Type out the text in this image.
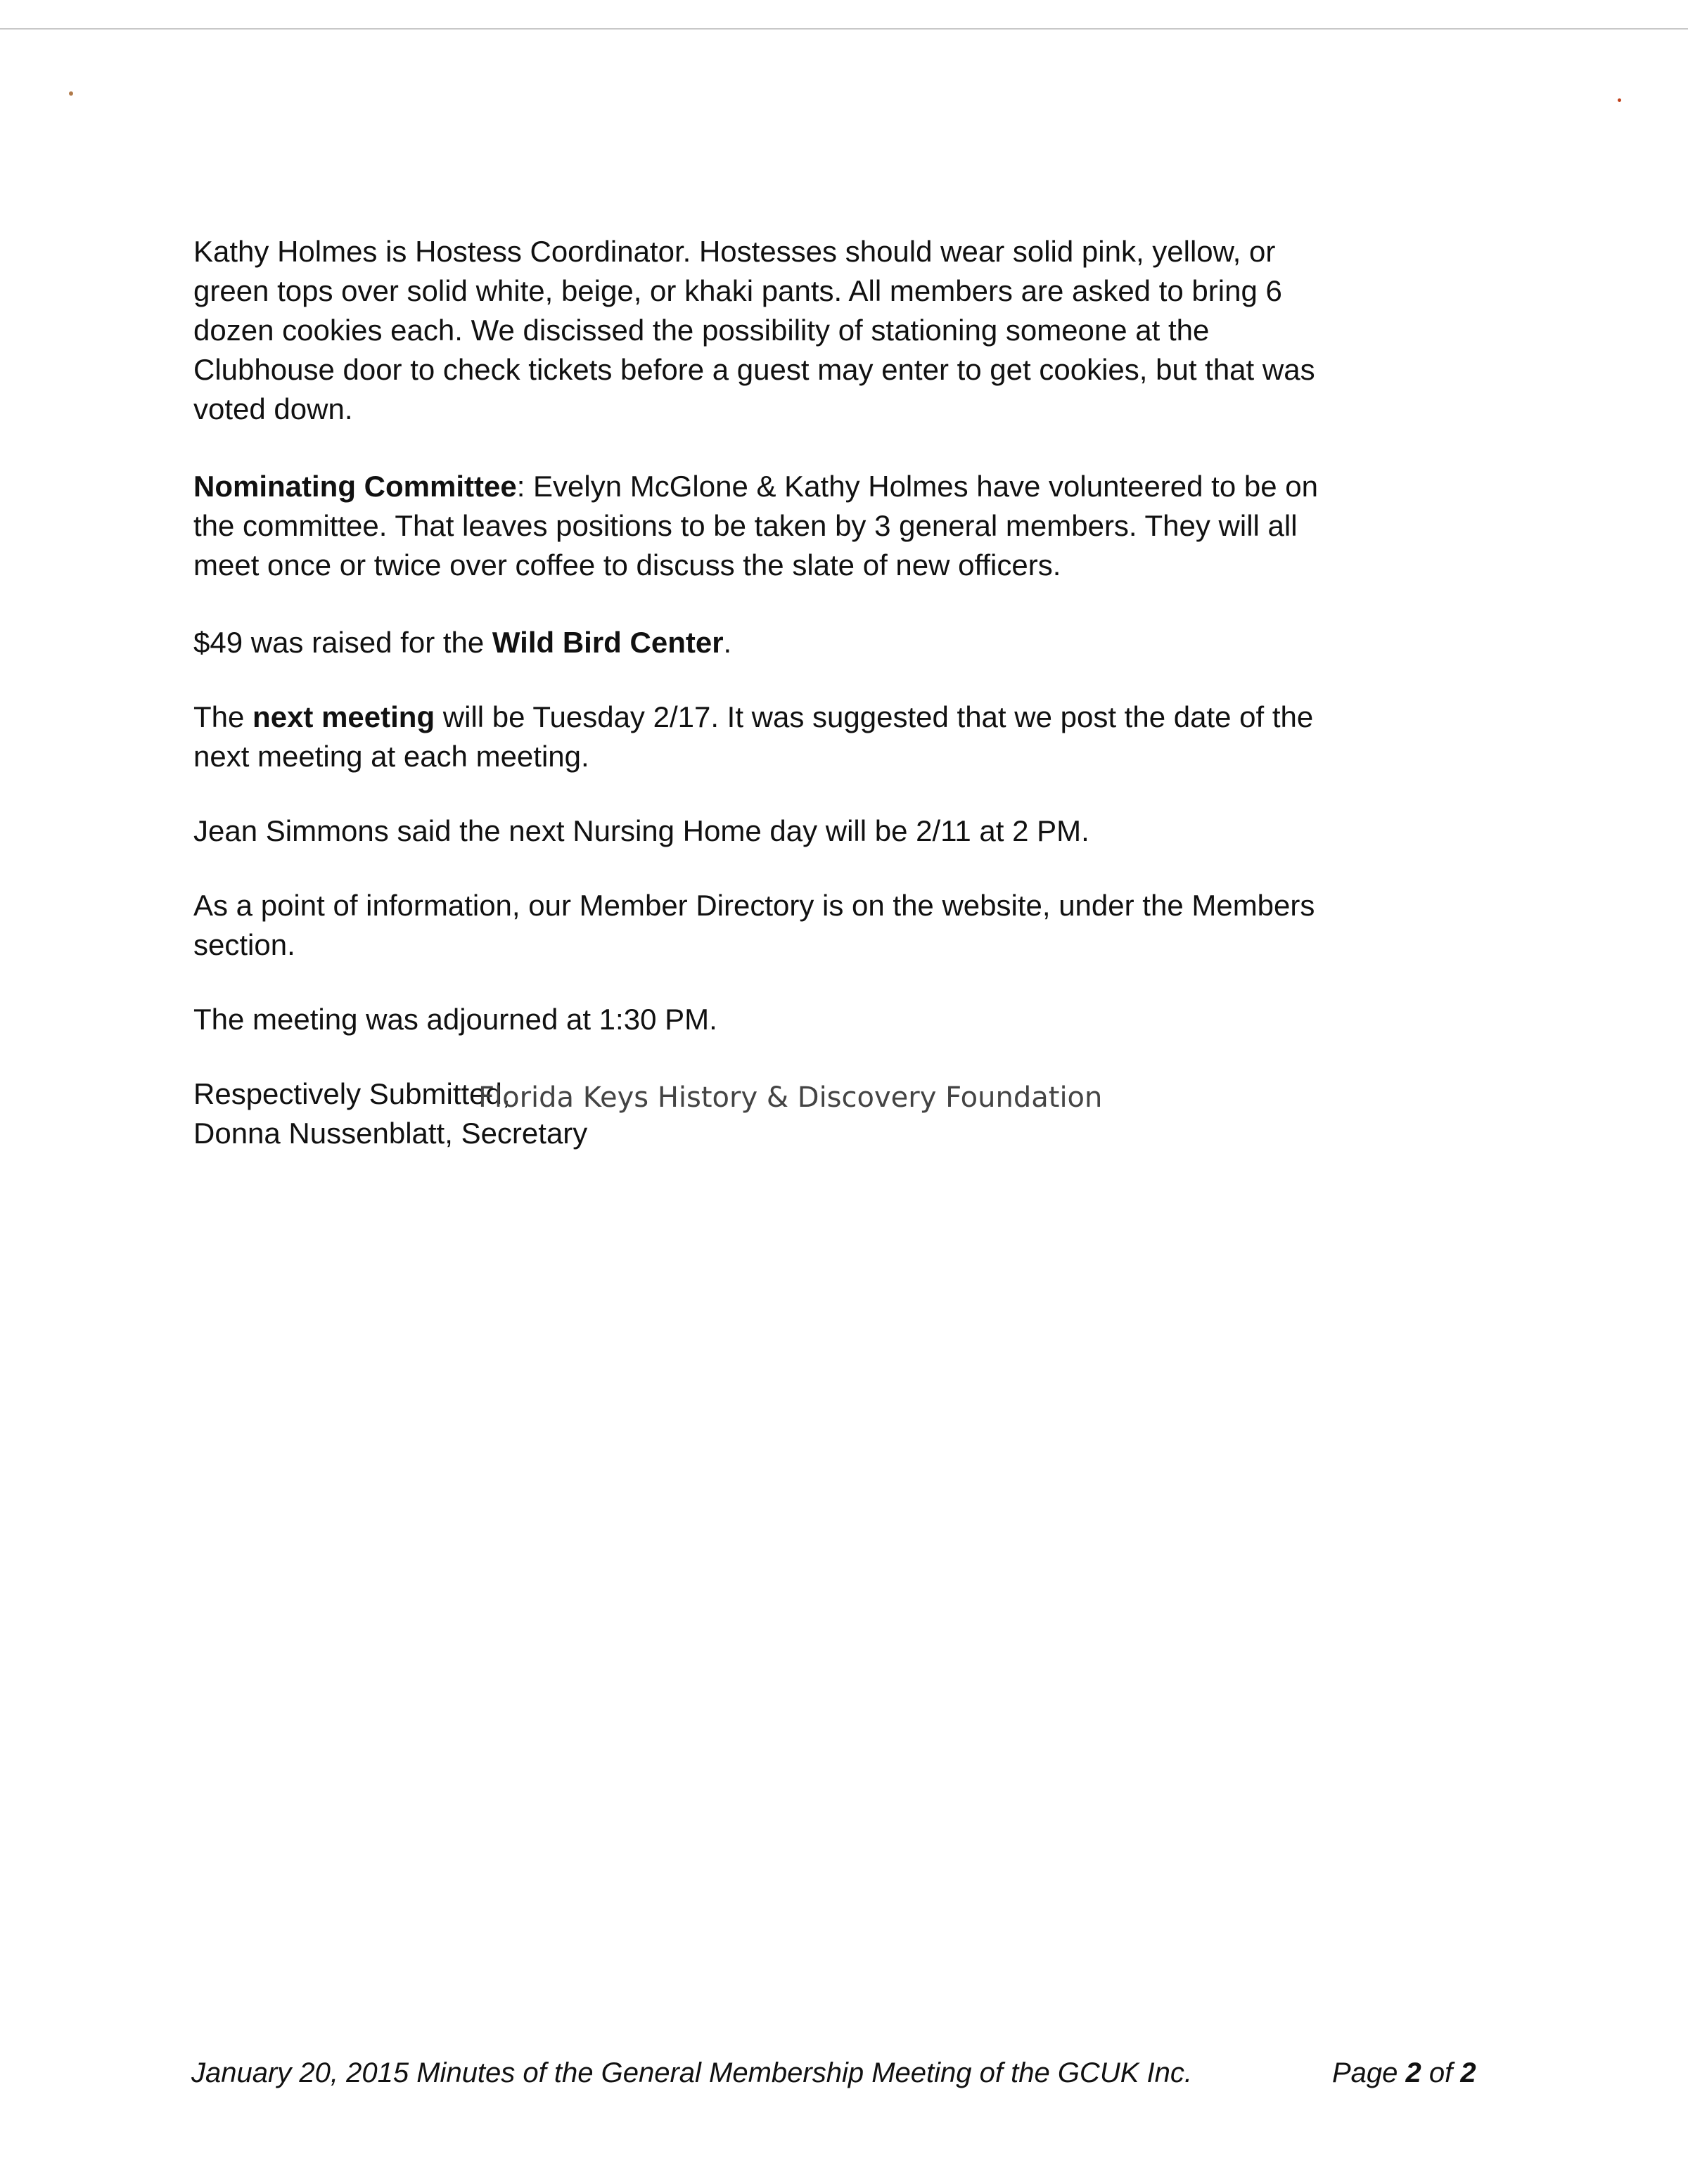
Kathy Holmes is Hostess Coordinator. Hostesses should wear solid pink, yellow, or
green tops over solid white, beige, or khaki pants. All members are asked to bring 6
dozen cookies each. We discissed the possibility of stationing someone at the
Clubhouse door to check tickets before a guest may enter to get cookies, but that was
voted down.
Nominating Committee: Evelyn McGlone & Kathy Holmes have volunteered to be on
the committee. That leaves positions to be taken by 3 general members. They will all
meet once or twice over coffee to discuss the slate of new officers.
$49 was raised for the Wild Bird Center.
The next meeting will be Tuesday 2/17. It was suggested that we post the date of the
next meeting at each meeting.
Jean Simmons said the next Nursing Home day will be 2/11 at 2 PM.
As a point of information, our Member Directory is on the website, under the Members
section.
The meeting was adjourned at 1:30 PM.
Respectively Submitted,
Donna Nussenblatt, Secretary
Florida Keys History & Discovery Foundation
January 20, 2015 Minutes of the General Membership Meeting of the GCUK Inc.	Page 2 of 2
